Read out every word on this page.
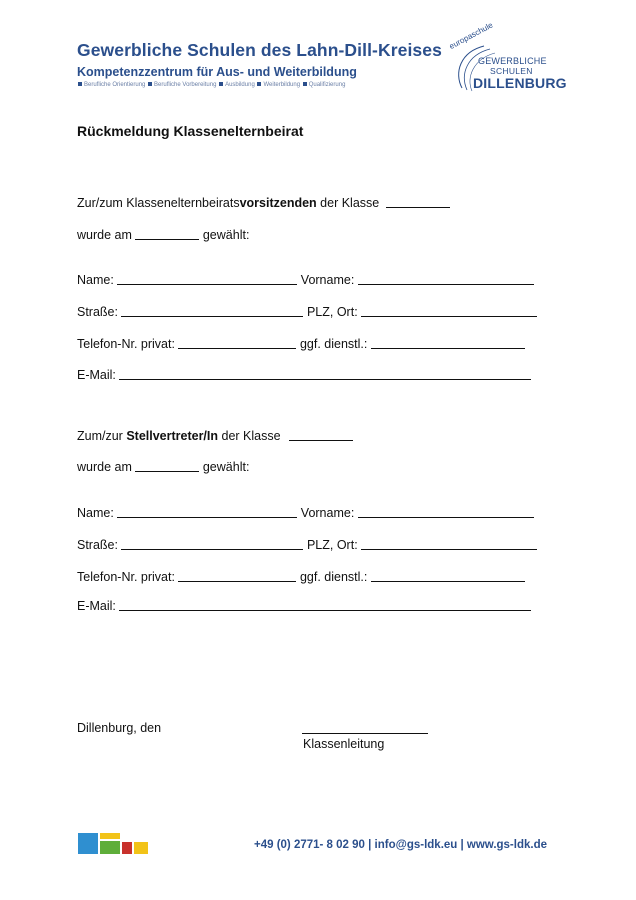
Gewerbliche Schulen des Lahn-Dill-Kreises
Kompetenzzentrum für Aus- und Weiterbildung
Berufliche Orientierung Berufliche Vorbereitung Ausbildung Weiterbildung Qualifizierung
europaschule
GEWERBLICHE
SCHULEN
DILLENBURG
Rückmeldung Klassenelternbeirat
Zur/zum Klassenelternbeiratsvorsitzenden der Klasse
wurde am	gewählt:
Name:	Vorname:
Straße:	PLZ, Ort:
Telefon-Nr. privat:	ggf. dienstl.:
E-Mail:
Zum/zur Stellvertreter/In der Klasse
wurde am	gewählt:
Name:	Vorname:
Straße:	PLZ, Ort:
Telefon-Nr. privat:	ggf. dienstl.:
E-Mail:
Dillenburg, den
Klassenleitung
+49 (0) 2771- 8 02 90 | info@gs-ldk.eu | www.gs-ldk.de
